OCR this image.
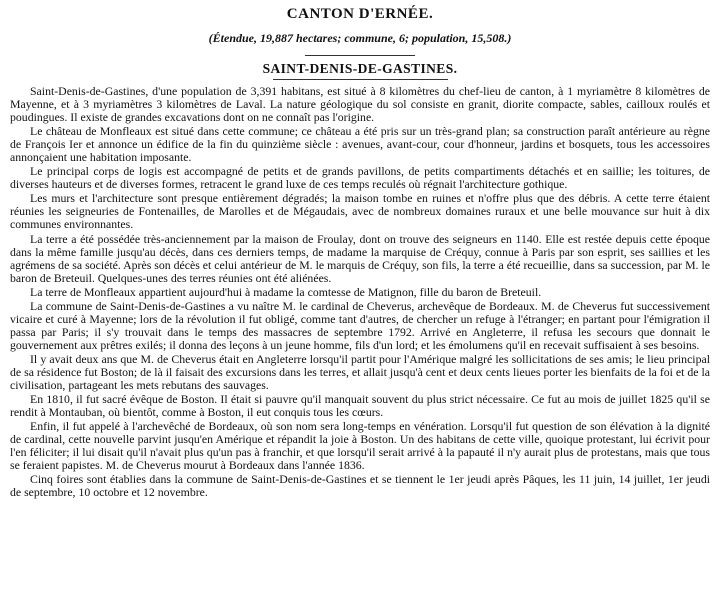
CANTON D'ERNÉE.
(Étendue, 19,887 hectares; commune, 6; population, 15,508.)
SAINT-DENIS-DE-GASTINES.

Saint-Denis-de-Gastines, d'une population de 3,391 habitans, est situé à 8 kilomètres du chef-lieu de canton, à 1 myriamètre 8 kilomètres de Mayenne, et à 3 myriamètres 3 kilomètres de Laval. La nature géologique du sol consiste en granit, diorite compacte, sables, cailloux roulés et poudingues. Il existe de grandes excavations dont on ne connaît pas l'origine.

Le château de Monfleaux est situé dans cette commune; ce château a été pris sur un très-grand plan; sa construction paraît antérieure au règne de François Ier et annonce un édifice de la fin du quinzième siècle : avenues, avant-cour, cour d'honneur, jardins et bosquets, tous les accessoires annonçaient une habitation imposante.

Le principal corps de logis est accompagné de petits et de grands pavillons, de petits compartiments détachés et en saillie; les toitures, de diverses hauteurs et de diverses formes, retracent le grand luxe de ces temps reculés où régnait l'architecture gothique.

Les murs et l'architecture sont presque entièrement dégradés; la maison tombe en ruines et n'offre plus que des débris. A cette terre étaient réunies les seigneuries de Fontenailles, de Marolles et de Mégaudais, avec de nombreux domaines ruraux et une belle mouvance sur huit à dix communes environnantes.

La terre a été possédée très-anciennement par la maison de Froulay, dont on trouve des seigneurs en 1140. Elle est restée depuis cette époque dans la même famille jusqu'au décès, dans ces derniers temps, de madame la marquise de Créquy, connue à Paris par son esprit, ses saillies et les agrémens de sa société. Après son décès et celui antérieur de M. le marquis de Créquy, son fils, la terre a été recueillie, dans sa succession, par M. le baron de Breteuil. Quelques-unes des terres réunies ont été aliénées.

La terre de Monfleaux appartient aujourd'hui à madame la comtesse de Matignon, fille du baron de Breteuil.

La commune de Saint-Denis-de-Gastines a vu naître M. le cardinal de Cheverus, archevêque de Bordeaux. M. de Cheverus fut successivement vicaire et curé à Mayenne; lors de la révolution il fut obligé, comme tant d'autres, de chercher un refuge à l'étranger; en partant pour l'émigration il passa par Paris; il s'y trouvait dans le temps des massacres de septembre 1792. Arrivé en Angleterre, il refusa les secours que donnait le gouvernement aux prêtres exilés; il donna des leçons à un jeune homme, fils d'un lord; et les émolumens qu'il en recevait suffisaient à ses besoins.

Il y avait deux ans que M. de Cheverus était en Angleterre lorsqu'il partit pour l'Amérique malgré les sollicitations de ses amis; le lieu principal de sa résidence fut Boston; de là il faisait des excursions dans les terres, et allait jusqu'à cent et deux cents lieues porter les bienfaits de la foi et de la civilisation, partageant les mets rebutans des sauvages.

En 1810, il fut sacré évêque de Boston. Il était si pauvre qu'il manquait souvent du plus strict nécessaire. Ce fut au mois de juillet 1825 qu'il se rendit à Montauban, où bientôt, comme à Boston, il eut conquis tous les cœurs.

Enfin, il fut appelé à l'archevêché de Bordeaux, où son nom sera long-temps en vénération. Lorsqu'il fut question de son élévation à la dignité de cardinal, cette nouvelle parvint jusqu'en Amérique et répandit la joie à Boston. Un des habitans de cette ville, quoique protestant, lui écrivit pour l'en féliciter; il lui disait qu'il n'avait plus qu'un pas à franchir, et que lorsqu'il serait arrivé à la papauté il n'y aurait plus de protestans, mais que tous se feraient papistes. M. de Cheverus mourut à Bordeaux dans l'année 1836.

Cinq foires sont établies dans la commune de Saint-Denis-de-Gastines et se tiennent le 1er jeudi après Pâques, les 11 juin, 14 juillet, 1er jeudi de septembre, 10 octobre et 12 novembre.
